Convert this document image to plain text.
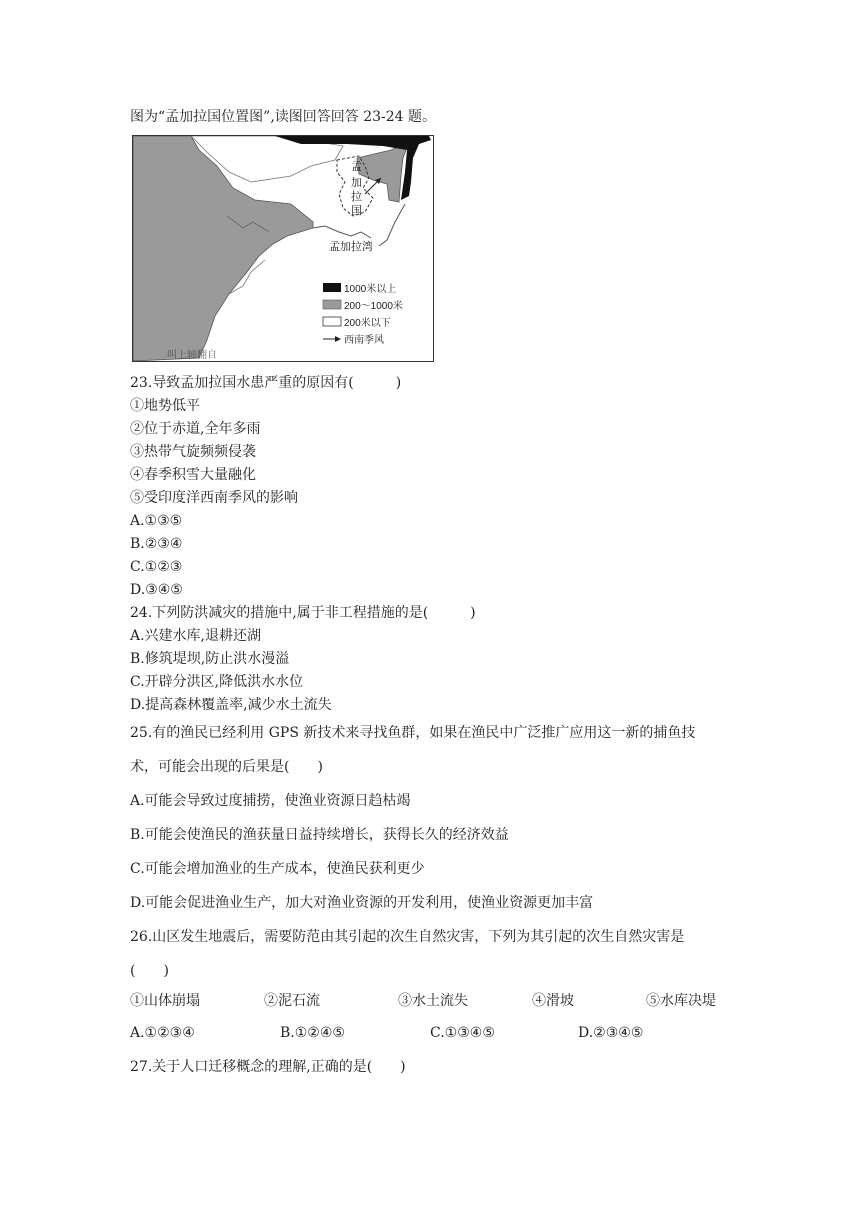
图为“孟加拉国位置图”,读图回答回答 23-24 题。
孟
加
拉
国
孟加拉湾
1000米以上
200～1000米
200米以下
西南季风
叫上轴翻自
23.导致孟加拉国水患严重的原因有(　　　)
①地势低平
②位于赤道,全年多雨
③热带气旋频频侵袭
④春季积雪大量融化
⑤受印度洋西南季风的影响
A.①③⑤
B.②③④
C.①②③
D.③④⑤
24.下列防洪减灾的措施中,属于非工程措施的是(　　　)
A.兴建水库,退耕还湖
B.修筑堤坝,防止洪水漫溢
C.开辟分洪区,降低洪水水位
D.提高森林覆盖率,减少水土流失
25.有的渔民已经利用 GPS 新技术来寻找鱼群，如果在渔民中广泛推广应用这一新的捕鱼技
术，可能会出现的后果是(　　)
A.可能会导致过度捕捞，使渔业资源日趋枯竭
B.可能会使渔民的渔获量日益持续增长，获得长久的经济效益
C.可能会增加渔业的生产成本，使渔民获利更少
D.可能会促进渔业生产，加大对渔业资源的开发利用，使渔业资源更加丰富
26.山区发生地震后，需要防范由其引起的次生自然灾害，下列为其引起的次生自然灾害是
(　　)
①山体崩塌	②泥石流	③水土流失	④滑坡	⑤水库决堤
A.①②③④	B.①②④⑤	C.①③④⑤	D.②③④⑤
27.关于人口迁移概念的理解,正确的是(　　)
